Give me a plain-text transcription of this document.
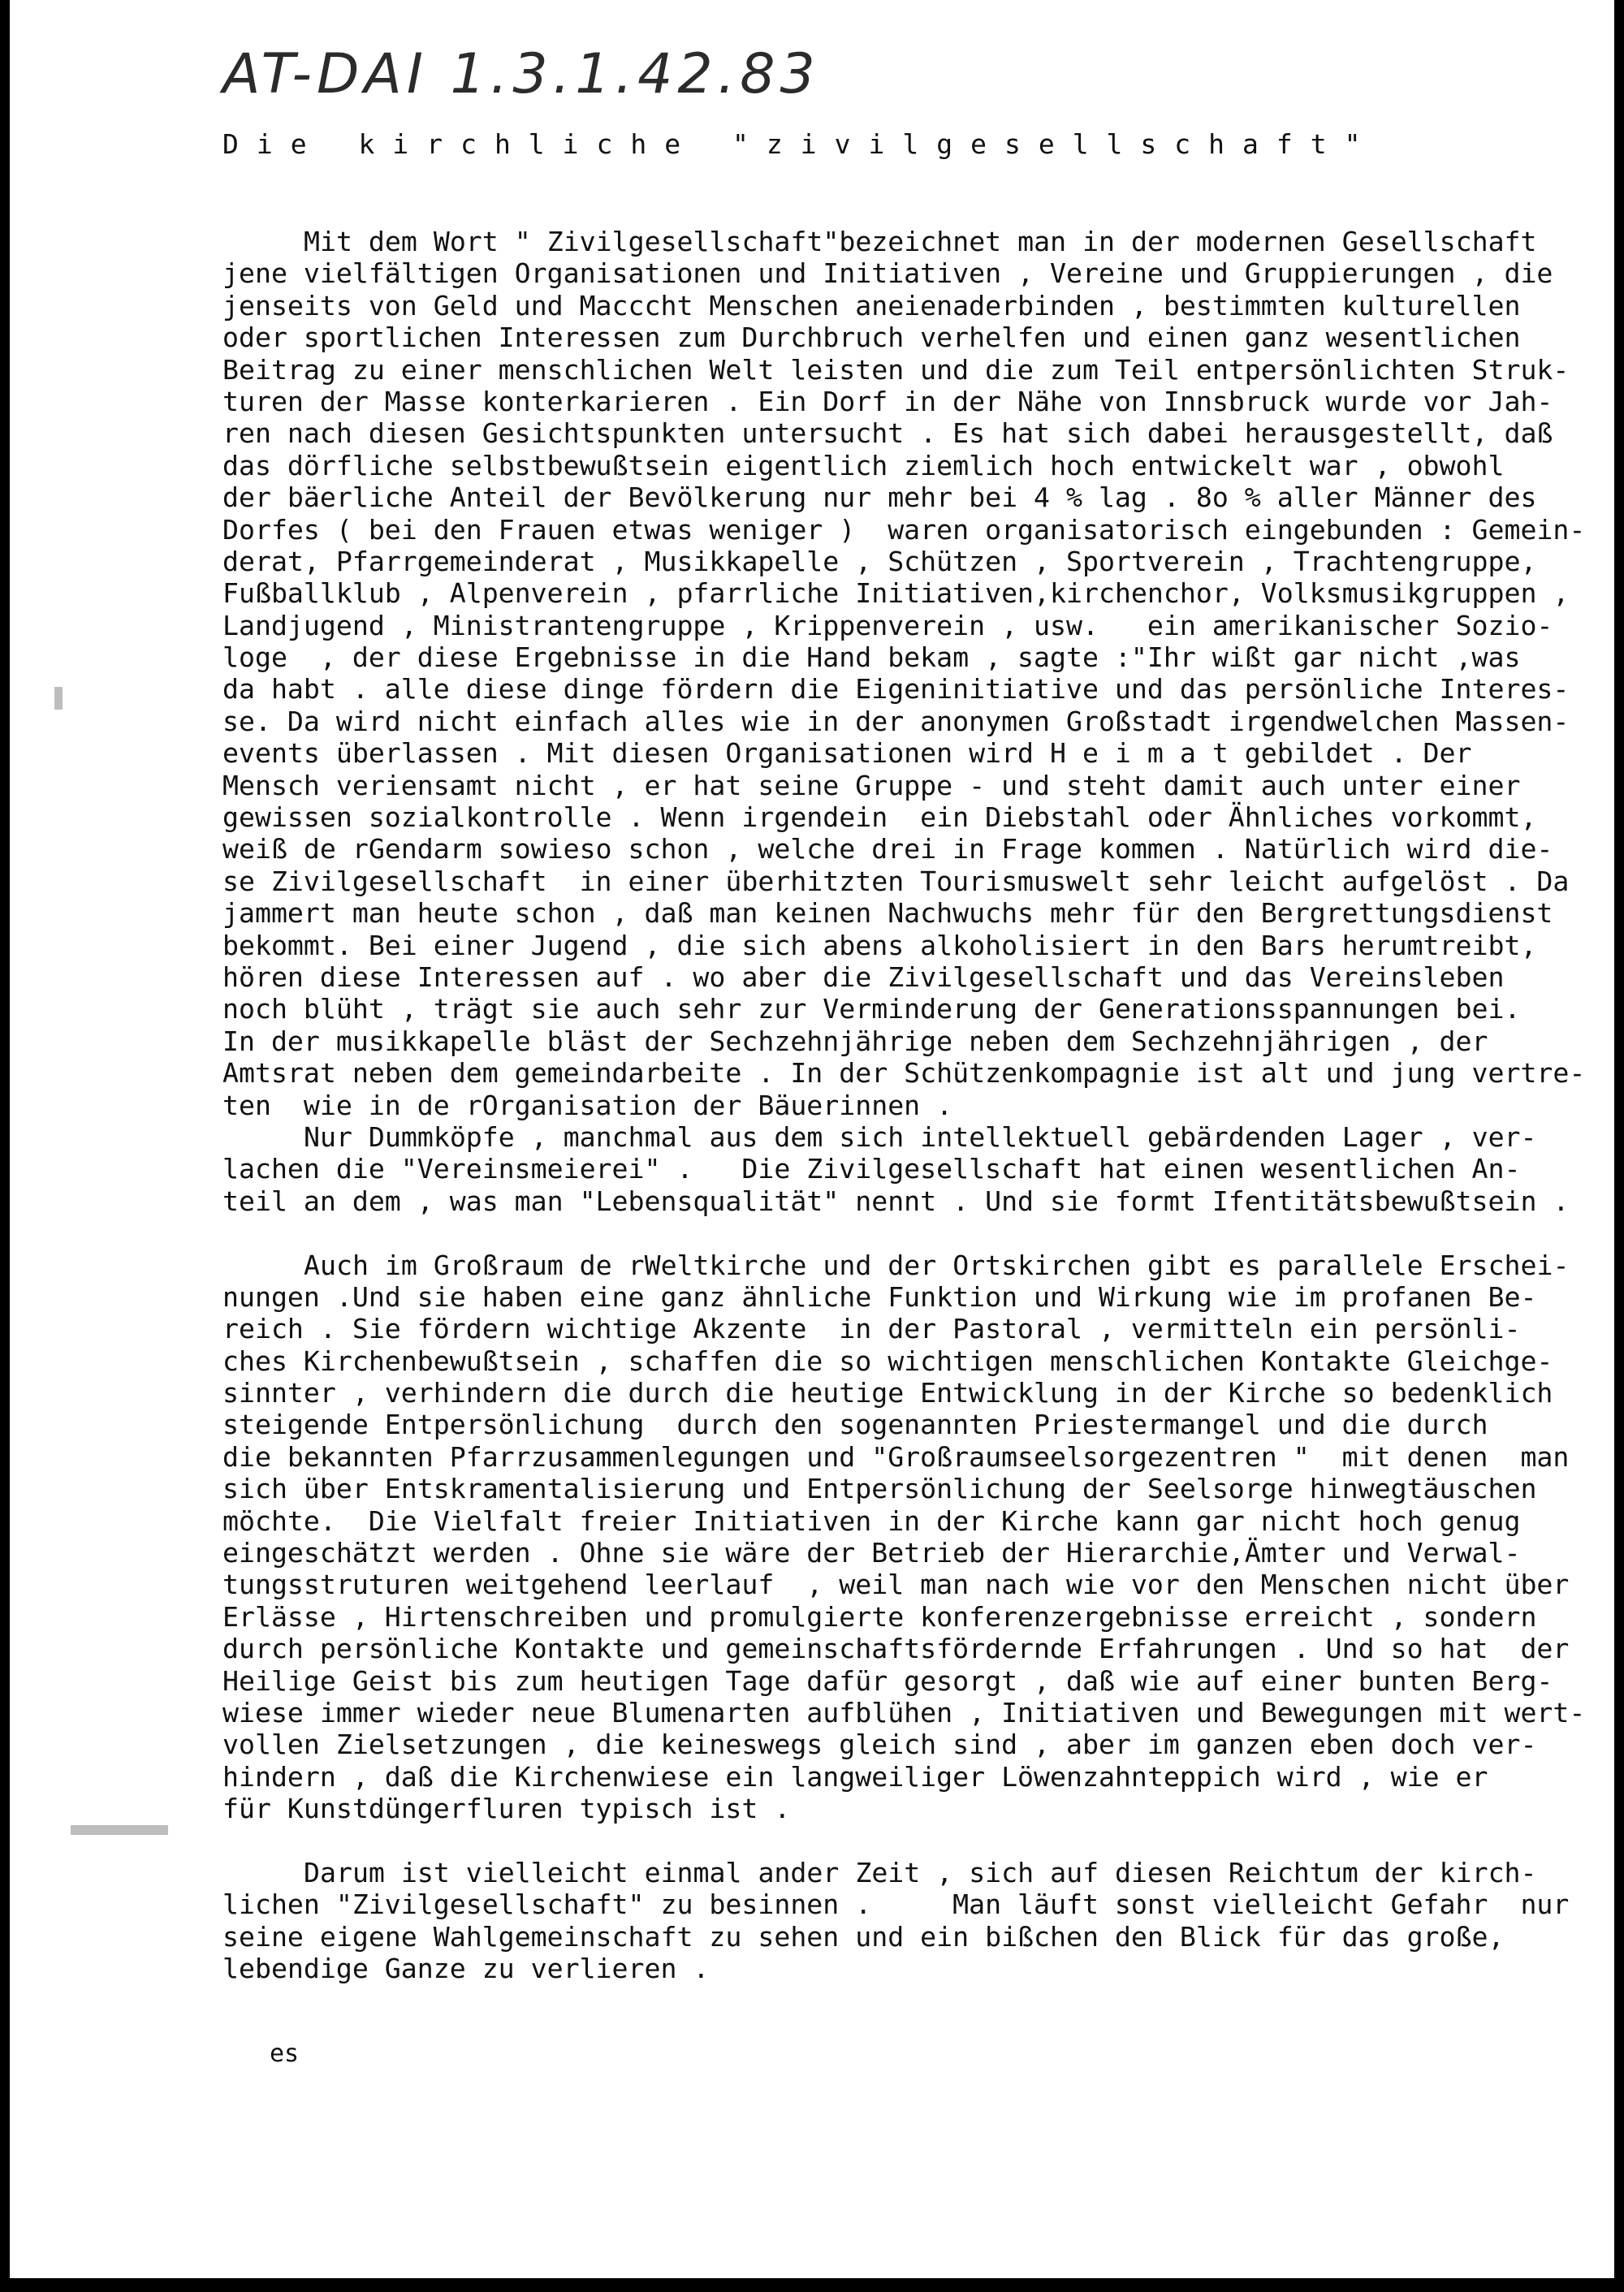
AT-DAI 1.3.1.42.83

Die kirchliche "zivilgesellschaft"

es

Mit dem Wort " Zivilgesellschaft"bezeichnet man in der modernen Gesellschaft
jene vielfältigen Organisationen und Initiativen , Vereine und Gruppierungen , die
jenseits von Geld und Macccht Menschen aneienaderbinden , bestimmten kulturellen
oder sportlichen Interessen zum Durchbruch verhelfen und einen ganz wesentlichen
Beitrag zu einer menschlichen Welt leisten und die zum Teil entpersönlichten Struk-
turen der Masse konterkarieren . Ein Dorf in der Nähe von Innsbruck wurde vor Jah-
ren nach diesen Gesichtspunkten untersucht . Es hat sich dabei herausgestellt, daß
das dörfliche selbstbewußtsein eigentlich ziemlich hoch entwickelt war , obwohl
der bäerliche Anteil der Bevölkerung nur mehr bei 4 % lag . 8o % aller Männer des
Dorfes ( bei den Frauen etwas weniger )  waren organisatorisch eingebunden : Gemein-
derat, Pfarrgemeinderat , Musikkapelle , Schützen , Sportverein , Trachtengruppe,
Fußballklub , Alpenverein , pfarrliche Initiativen,kirchenchor, Volksmusikgruppen ,
Landjugend , Ministrantengruppe , Krippenverein , usw.   ein amerikanischer Sozio-
loge  , der diese Ergebnisse in die Hand bekam , sagte :"Ihr wißt gar nicht ,was
da habt . alle diese dinge fördern die Eigeninitiative und das persönliche Interes-
se. Da wird nicht einfach alles wie in der anonymen Großstadt irgendwelchen Massen-
events überlassen . Mit diesen Organisationen wird H e i m a t gebildet . Der
Mensch veriensamt nicht , er hat seine Gruppe - und steht damit auch unter einer
gewissen sozialkontrolle . Wenn irgendein  ein Diebstahl oder Ähnliches vorkommt,
weiß de rGendarm sowieso schon , welche drei in Frage kommen . Natürlich wird die-
se Zivilgesellschaft  in einer überhitzten Tourismuswelt sehr leicht aufgelöst . Da
jammert man heute schon , daß man keinen Nachwuchs mehr für den Bergrettungsdienst
bekommt. Bei einer Jugend , die sich abens alkoholisiert in den Bars herumtreibt,
hören diese Interessen auf . wo aber die Zivilgesellschaft und das Vereinsleben
noch blüht , trägt sie auch sehr zur Verminderung der Generationsspannungen bei.
In der musikkapelle bläst der Sechzehnjährige neben dem Sechzehnjährigen , der
Amtsrat neben dem gemeindarbeite . In der Schützenkompagnie ist alt und jung vertre-
ten  wie in de rOrganisation der Bäuerinnen .
Nur Dummköpfe , manchmal aus dem sich intellektuell gebärdenden Lager , ver-
lachen die "Vereinsmeierei" .   Die Zivilgesellschaft hat einen wesentlichen An-
teil an dem , was man "Lebensqualität" nennt . Und sie formt Ifentitätsbewußtsein .
Auch im Großraum de rWeltkirche und der Ortskirchen gibt es parallele Erschei-
nungen .Und sie haben eine ganz ähnliche Funktion und Wirkung wie im profanen Be-
reich . Sie fördern wichtige Akzente  in der Pastoral , vermitteln ein persönli-
ches Kirchenbewußtsein , schaffen die so wichtigen menschlichen Kontakte Gleichge-
sinnter , verhindern die durch die heutige Entwicklung in der Kirche so bedenklich
steigende Entpersönlichung  durch den sogenannten Priestermangel und die durch
die bekannten Pfarrzusammenlegungen und "Großraumseelsorgezentren "  mit denen  man
sich über Entskramentalisierung und Entpersönlichung der Seelsorge hinwegtäuschen
möchte.  Die Vielfalt freier Initiativen in der Kirche kann gar nicht hoch genug
eingeschätzt werden . Ohne sie wäre der Betrieb der Hierarchie,Ämter und Verwal-
tungsstruturen weitgehend leerlauf  , weil man nach wie vor den Menschen nicht über
Erlässe , Hirtenschreiben und promulgierte konferenzergebnisse erreicht , sondern
durch persönliche Kontakte und gemeinschaftsfördernde Erfahrungen . Und so hat  der
Heilige Geist bis zum heutigen Tage dafür gesorgt , daß wie auf einer bunten Berg-
wiese immer wieder neue Blumenarten aufblühen , Initiativen und Bewegungen mit wert-
vollen Zielsetzungen , die keineswegs gleich sind , aber im ganzen eben doch ver-
hindern , daß die Kirchenwiese ein langweiliger Löwenzahnteppich wird , wie er
für Kunstdüngerfluren typisch ist .
Darum ist vielleicht einmal ander Zeit , sich auf diesen Reichtum der kirch-
lichen "Zivilgesellschaft" zu besinnen .     Man läuft sonst vielleicht Gefahr  nur
seine eigene Wahlgemeinschaft zu sehen und ein bißchen den Blick für das große,
lebendige Ganze zu verlieren .
